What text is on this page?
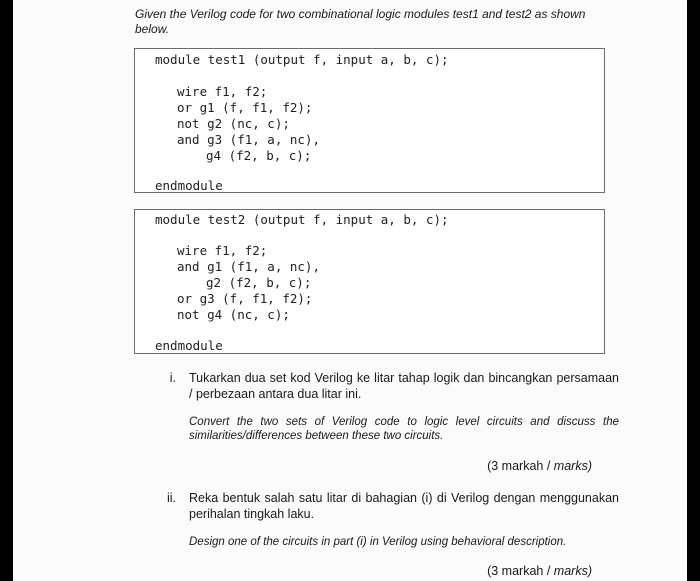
Given the Verilog code for two combinational logic modules test1 and test2 as shown below.
module test1 (output f, input a, b, c);
wire f1, f2;
or g1 (f, f1, f2);
not g2 (nc, c);
and g3 (f1, a, nc),
g4 (f2, b, c);
endmodule
module test2 (output f, input a, b, c);
wire f1, f2;
and g1 (f1, a, nc),
g2 (f2, b, c);
or g3 (f, f1, f2);
not g4 (nc, c);
endmodule
i. Tukarkan dua set kod Verilog ke litar tahap logik dan bincangkan persamaan / perbezaan antara dua litar ini.
Convert the two sets of Verilog code to logic level circuits and discuss the similarities/differences between these two circuits.
(3 markah / marks)
ii. Reka bentuk salah satu litar di bahagian (i) di Verilog dengan menggunakan perihalan tingkah laku.
Design one of the circuits in part (i) in Verilog using behavioral description.
(3 markah / marks)
